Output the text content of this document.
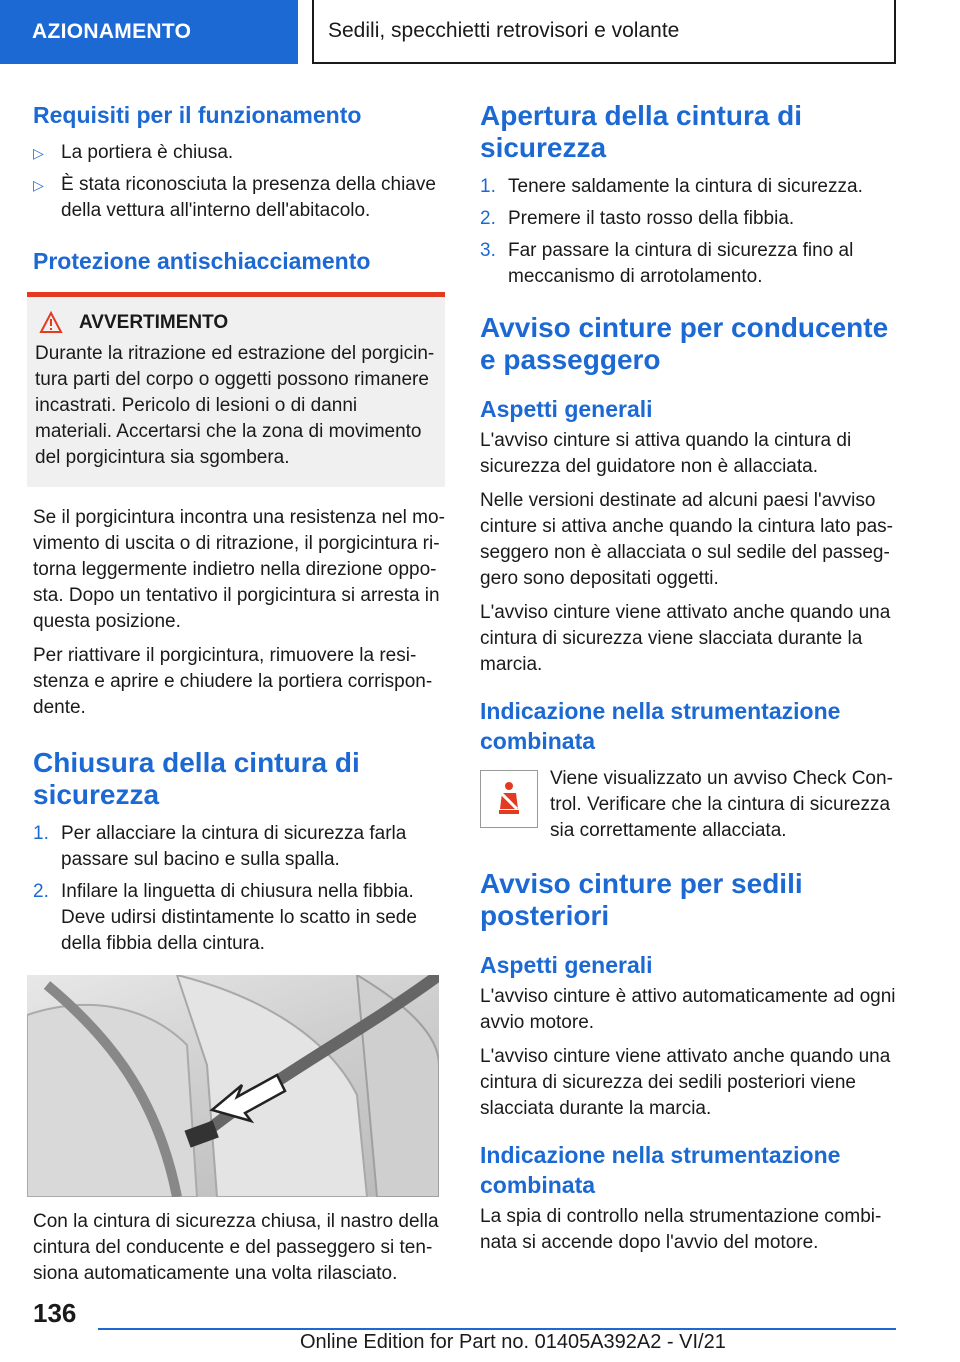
AZIONAMENTO	Sedili, specchietti retrovisori e volante
Requisiti per il funzionamento
▷ La portiera è chiusa.
▷ È stata riconosciuta la presenza della chiave della vettura all'interno dell'abitacolo.
Protezione antischiacciamento
AVVERTIMENTO

Durante la ritrazione ed estrazione del porgicintura parti del corpo o oggetti possono rimanere incastrati. Pericolo di lesioni o di danni materiali. Accertarsi che la zona di movimento del porgicintura sia sgombera.

Se il porgicintura incontra una resistenza nel movimento di uscita o di ritrazione, il porgicintura ritorna leggermente indietro nella direzione opposta. Dopo un tentativo il porgicintura si arresta in questa posizione.

Per riattivare il porgicintura, rimuovere la resistenza e aprire e chiudere la portiera corrispondente.

Chiusura della cintura di sicurezza
1. Per allacciare la cintura di sicurezza farla passare sul bacino e sulla spalla.
2. Infilare la linguetta di chiusura nella fibbia. Deve udirsi distintamente lo scatto in sede della fibbia della cintura.

Con la cintura di sicurezza chiusa, il nastro della cintura del conducente e del passeggero si tensiona automaticamente una volta rilasciato.

Apertura della cintura di sicurezza
1. Tenere saldamente la cintura di sicurezza.
2. Premere il tasto rosso della fibbia.
3. Far passare la cintura di sicurezza fino al meccanismo di arrotolamento.
Avviso cinture per conducente e passeggero
Aspetti generali

L'avviso cinture si attiva quando la cintura di sicurezza del guidatore non è allacciata.

Nelle versioni destinate ad alcuni paesi l'avviso cinture si attiva anche quando la cintura lato passeggero non è allacciata o sul sedile del passeggero sono depositati oggetti.

L'avviso cinture viene attivato anche quando una cintura di sicurezza viene slacciata durante la marcia.

Indicazione nella strumentazione combinata

Viene visualizzato un avviso Check Control. Verificare che la cintura di sicurezza sia correttamente allacciata.

Avviso cinture per sedili posteriori
Aspetti generali

L'avviso cinture è attivo automaticamente ad ogni avvio motore.

L'avviso cinture viene attivato anche quando una cintura di sicurezza dei sedili posteriori viene slacciata durante la marcia.

Indicazione nella strumentazione combinata

La spia di controllo nella strumentazione combinata si accende dopo l'avvio del motore.

136
Online Edition for Part no. 01405A392A2 - VI/21
